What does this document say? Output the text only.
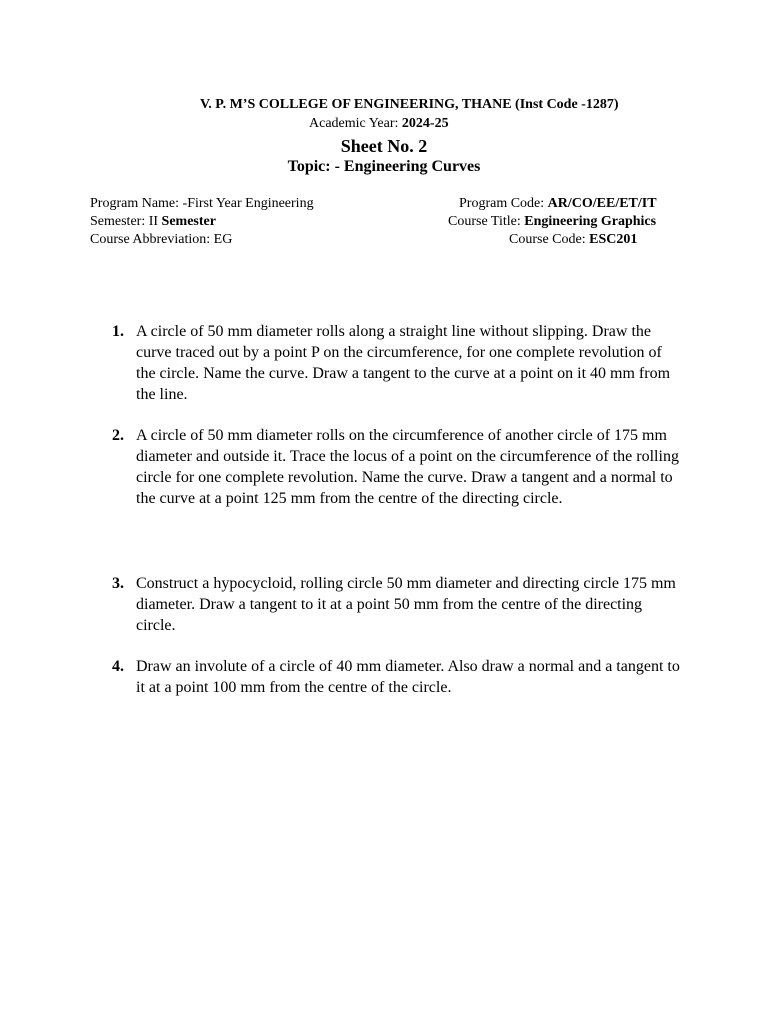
V. P. M’S COLLEGE OF ENGINEERING, THANE (Inst Code -1287)
Academic Year: 2024-25
Sheet No. 2
Topic: - Engineering Curves
Program Name: -First Year Engineering
Semester: II Semester
Course Abbreviation: EG
Program Code: AR/CO/EE/ET/IT
Course Title: Engineering Graphics
Course Code: ESC201
1. A circle of 50 mm diameter rolls along a straight line without slipping. Draw the curve traced out by a point P on the circumference, for one complete revolution of the circle. Name the curve. Draw a tangent to the curve at a point on it 40 mm from the line.
2. A circle of 50 mm diameter rolls on the circumference of another circle of 175 mm diameter and outside it. Trace the locus of a point on the circumference of the rolling circle for one complete revolution. Name the curve. Draw a tangent and a normal to the curve at a point 125 mm from the centre of the directing circle.
3. Construct a hypocycloid, rolling circle 50 mm diameter and directing circle 175 mm diameter. Draw a tangent to it at a point 50 mm from the centre of the directing circle.
4. Draw an involute of a circle of 40 mm diameter. Also draw a normal and a tangent to it at a point 100 mm from the centre of the circle.
